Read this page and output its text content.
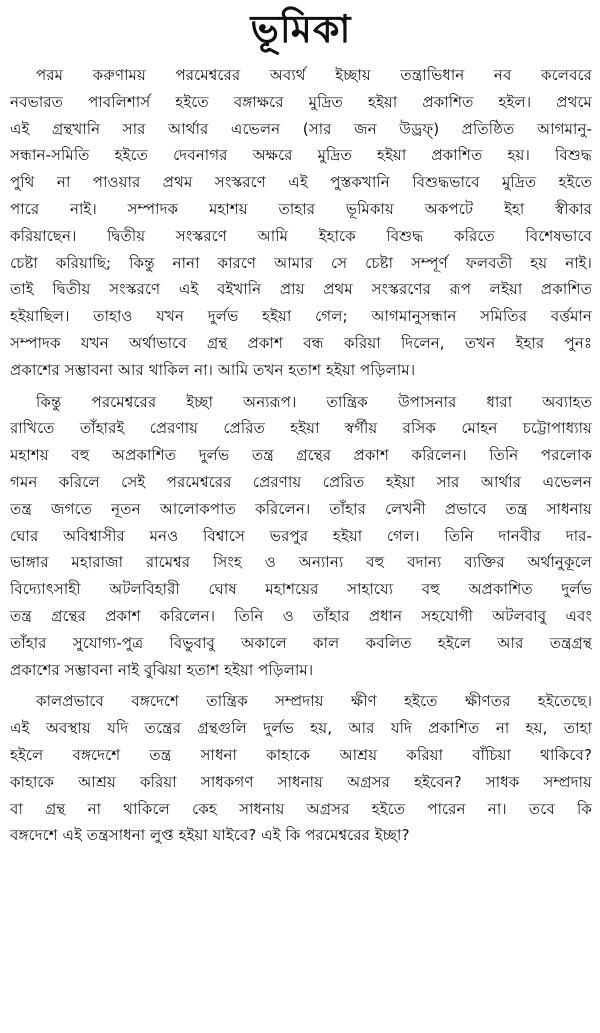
ভূমিকা
পরম করুণাময় পরমেশ্বরের অব্যর্থ ইচ্ছায় তন্ত্রাভিধান নব কলেবরে
নবভারত পাবলিশার্স হইতে বঙ্গাক্ষরে মুদ্রিত হইয়া প্রকাশিত হইল। প্রথমে
এই গ্রন্থখানি সার আর্থার এভেলন (সার জন উড্রফ্) প্রতিষ্ঠিত আগমানু-
সন্ধান-সমিতি হইতে দেবনাগর অক্ষরে মুদ্রিত হইয়া প্রকাশিত হয়। বিশুদ্ধ
পুথি না পাওয়ার প্রথম সংস্করণে এই পুস্তকখানি বিশুদ্ধভাবে মুদ্রিত হইতে
পারে নাই। সম্পাদক মহাশয় তাহার ভূমিকায় অকপটে ইহা স্বীকার
করিয়াছেন। দ্বিতীয় সংস্করণে আমি ইহাকে বিশুদ্ধ করিতে বিশেষভাবে
চেষ্টা করিয়াছি; কিন্তু নানা কারণে আমার সে চেষ্টা সম্পূর্ণ ফলবতী হয় নাই।
তাই দ্বিতীয় সংস্করণে এই বইখানি প্রায় প্রথম সংস্করণের রূপ লইয়া প্রকাশিত
হইয়াছিল। তাহাও যখন দুর্লভ হইয়া গেল; আগমানুসন্ধান সমিতির বর্ত্তমান
সম্পাদক যখন অর্থাভাবে গ্রন্থ প্রকাশ বন্ধ করিয়া দিলেন, তখন ইহার পুনঃ
প্রকাশের সম্ভাবনা আর থাকিল না। আমি তখন হতাশ হইয়া পড়িলাম।
কিন্তু পরমেশ্বরের ইচ্ছা অন্যরূপ। তান্ত্রিক উপাসনার ধারা অব্যাহত
রাখিতে তাঁহারই প্রেরণায় প্রেরিত হইয়া স্বর্গীয় রসিক মোহন চট্টোপাধ্যায়
মহাশয় বহু অপ্রকাশিত দুর্লভ তন্ত্র গ্রন্থের প্রকাশ করিলেন। তিনি পরলোক
গমন করিলে সেই পরমেশ্বরের প্রেরণায় প্রেরিত হইয়া সার আর্থার এভেলন
তন্ত্র জগতে নূতন আলোকপাত করিলেন। তাঁহার লেখনী প্রভাবে তন্ত্র সাধনায়
ঘোর অবিশ্বাসীর মনও বিশ্বাসে ভরপুর হইয়া গেল। তিনি দানবীর দার-
ভাঙ্গার মহারাজা রামেশ্বর সিংহ ও অন্যান্য বহু বদান্য ব্যক্তির অর্থানুকূলে
বিদ্যোৎসাহী অটলবিহারী ঘোষ মহাশয়ের সাহায্যে বহু অপ্রকাশিত দুর্লভ
তন্ত্র গ্রন্থের প্রকাশ করিলেন। তিনি ও তাঁহার প্রধান সহযোগী অটলবাবু এবং
তাঁহার সুযোগ্য-পুত্র বিভুবাবু অকালে কাল কবলিত হইলে আর তন্ত্রগ্রন্থ
প্রকাশের সম্ভাবনা নাই বুঝিয়া হতাশ হইয়া পড়িলাম।
কালপ্রভাবে বঙ্গদেশে তান্ত্রিক সম্প্রদায় ক্ষীণ হইতে ক্ষীণতর হইতেছে।
এই অবস্থায় যদি তন্ত্রের গ্রন্থগুলি দুর্লভ হয়, আর যদি প্রকাশিত না হয়, তাহা
হইলে বঙ্গদেশে তন্ত্র সাধনা কাহাকে আশ্রয় করিয়া বাঁচিয়া থাকিবে?
কাহাকে আশ্রয় করিয়া সাধকগণ সাধনায় অগ্রসর হইবেন? সাধক সম্প্রদায়
বা গ্রন্থ না থাকিলে কেহ সাধনায় অগ্রসর হইতে পারেন না। তবে কি
বঙ্গদেশে এই তন্ত্রসাধনা লুপ্ত হইয়া যাইবে? এই কি পরমেশ্বরের ইচ্ছা?
